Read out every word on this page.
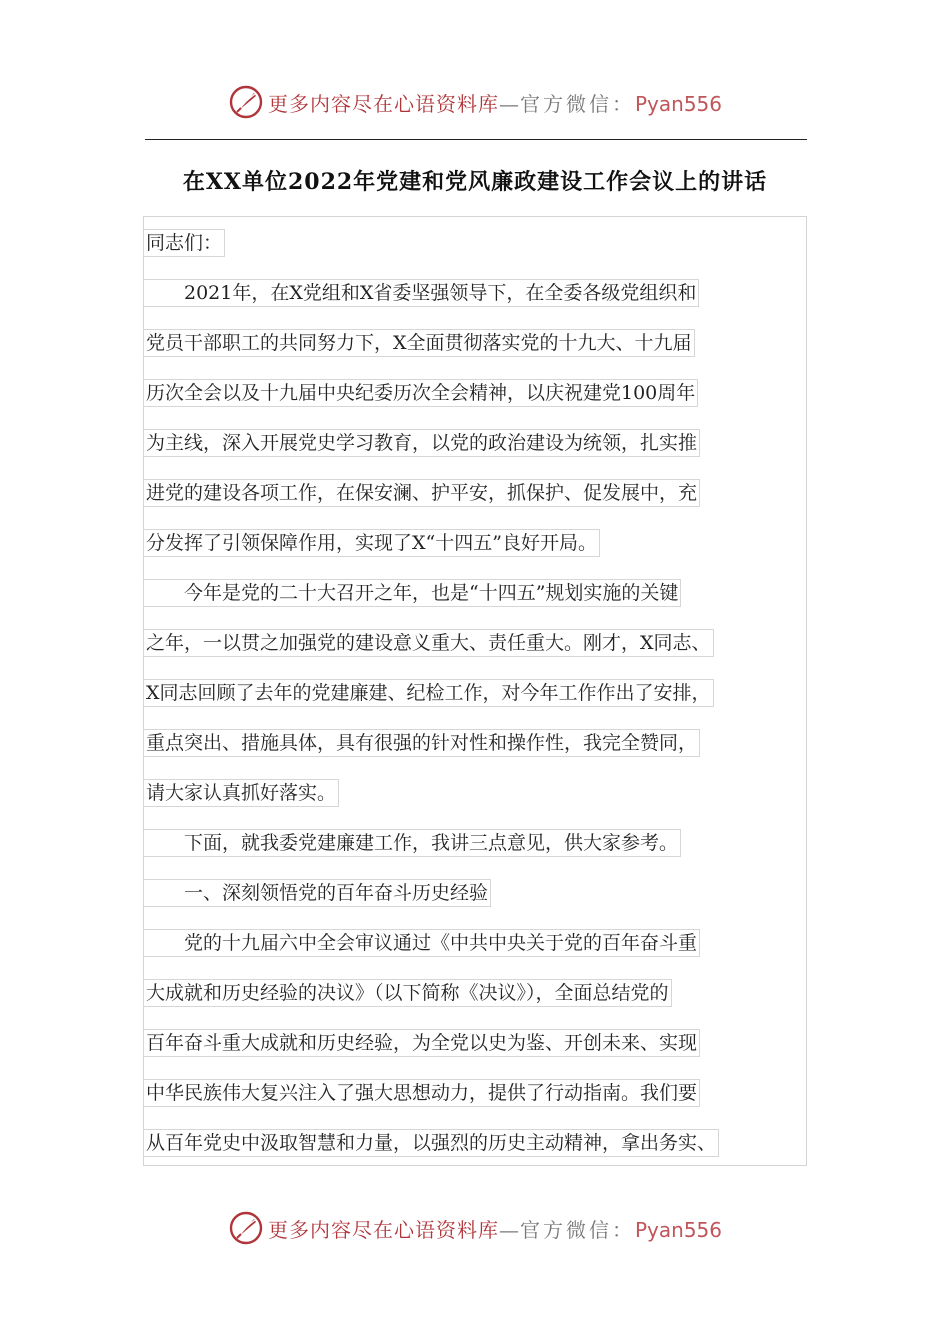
更多内容尽在心语资料库—官方微信：Pyan556
在XX单位2022年党建和党风廉政建设工作会议上的讲话
同志们：
　　2021年，在X党组和X省委坚强领导下，在全委各级党组织和
党员干部职工的共同努力下，X全面贯彻落实党的十九大、十九届
历次全会以及十九届中央纪委历次全会精神，以庆祝建党100周年
为主线，深入开展党史学习教育，以党的政治建设为统领，扎实推
进党的建设各项工作，在保安澜、护平安，抓保护、促发展中，充
分发挥了引领保障作用，实现了X“十四五”良好开局。
　　今年是党的二十大召开之年，也是“十四五”规划实施的关键
之年，一以贯之加强党的建设意义重大、责任重大。刚才，X同志、
X同志回顾了去年的党建廉建、纪检工作，对今年工作作出了安排，
重点突出、措施具体，具有很强的针对性和操作性，我完全赞同，
请大家认真抓好落实。
　　下面，就我委党建廉建工作，我讲三点意见，供大家参考。
　　一、深刻领悟党的百年奋斗历史经验
　　党的十九届六中全会审议通过《中共中央关于党的百年奋斗重
大成就和历史经验的决议》（以下简称《决议》），全面总结党的
百年奋斗重大成就和历史经验，为全党以史为鉴、开创未来、实现
中华民族伟大复兴注入了强大思想动力，提供了行动指南。我们要
从百年党史中汲取智慧和力量，以强烈的历史主动精神，拿出务实、
更多内容尽在心语资料库—官方微信：Pyan556
